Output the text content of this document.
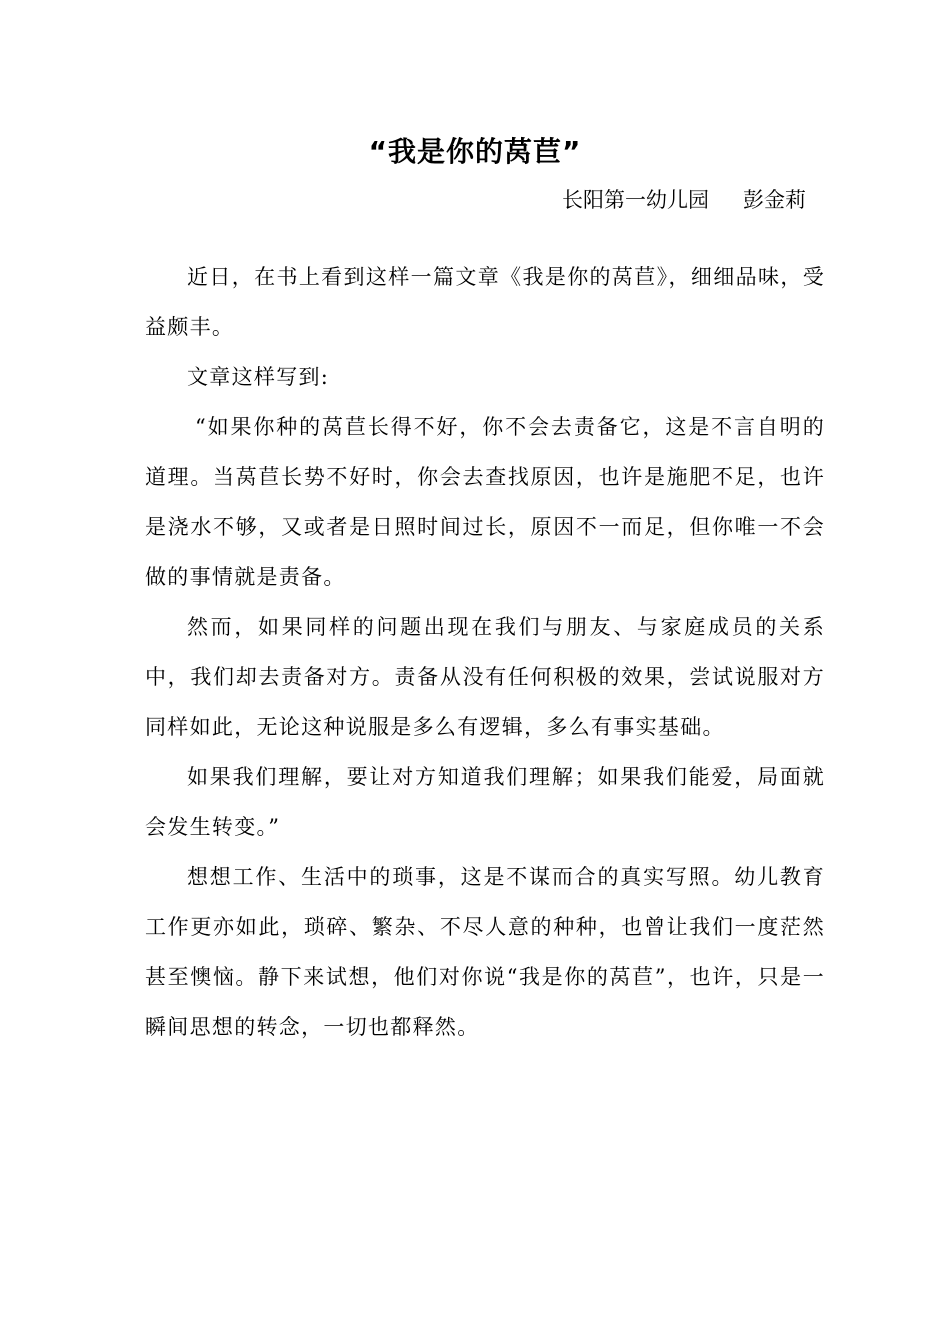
“我是你的莴苣”
长阳第一幼儿园 彭金莉

近日，在书上看到这样一篇文章《我是你的莴苣》，细细品味，受益颇丰。

文章这样写到:

“如果你种的莴苣长得不好，你不会去责备它，这是不言自明的道理。当莴苣长势不好时，你会去查找原因，也许是施肥不足，也许是浇水不够，又或者是日照时间过长，原因不一而足，但你唯一不会做的事情就是责备。

然而，如果同样的问题出现在我们与朋友、与家庭成员的关系中，我们却去责备对方。责备从没有任何积极的效果，尝试说服对方同样如此，无论这种说服是多么有逻辑，多么有事实基础。

如果我们理解，要让对方知道我们理解；如果我们能爱，局面就会发生转变。”

想想工作、生活中的琐事，这是不谋而合的真实写照。幼儿教育工作更亦如此，琐碎、繁杂、不尽人意的种种，也曾让我们一度茫然甚至懊恼。静下来试想，他们对你说“我是你的莴苣”，也许，只是一瞬间思想的转念，一切也都释然。
